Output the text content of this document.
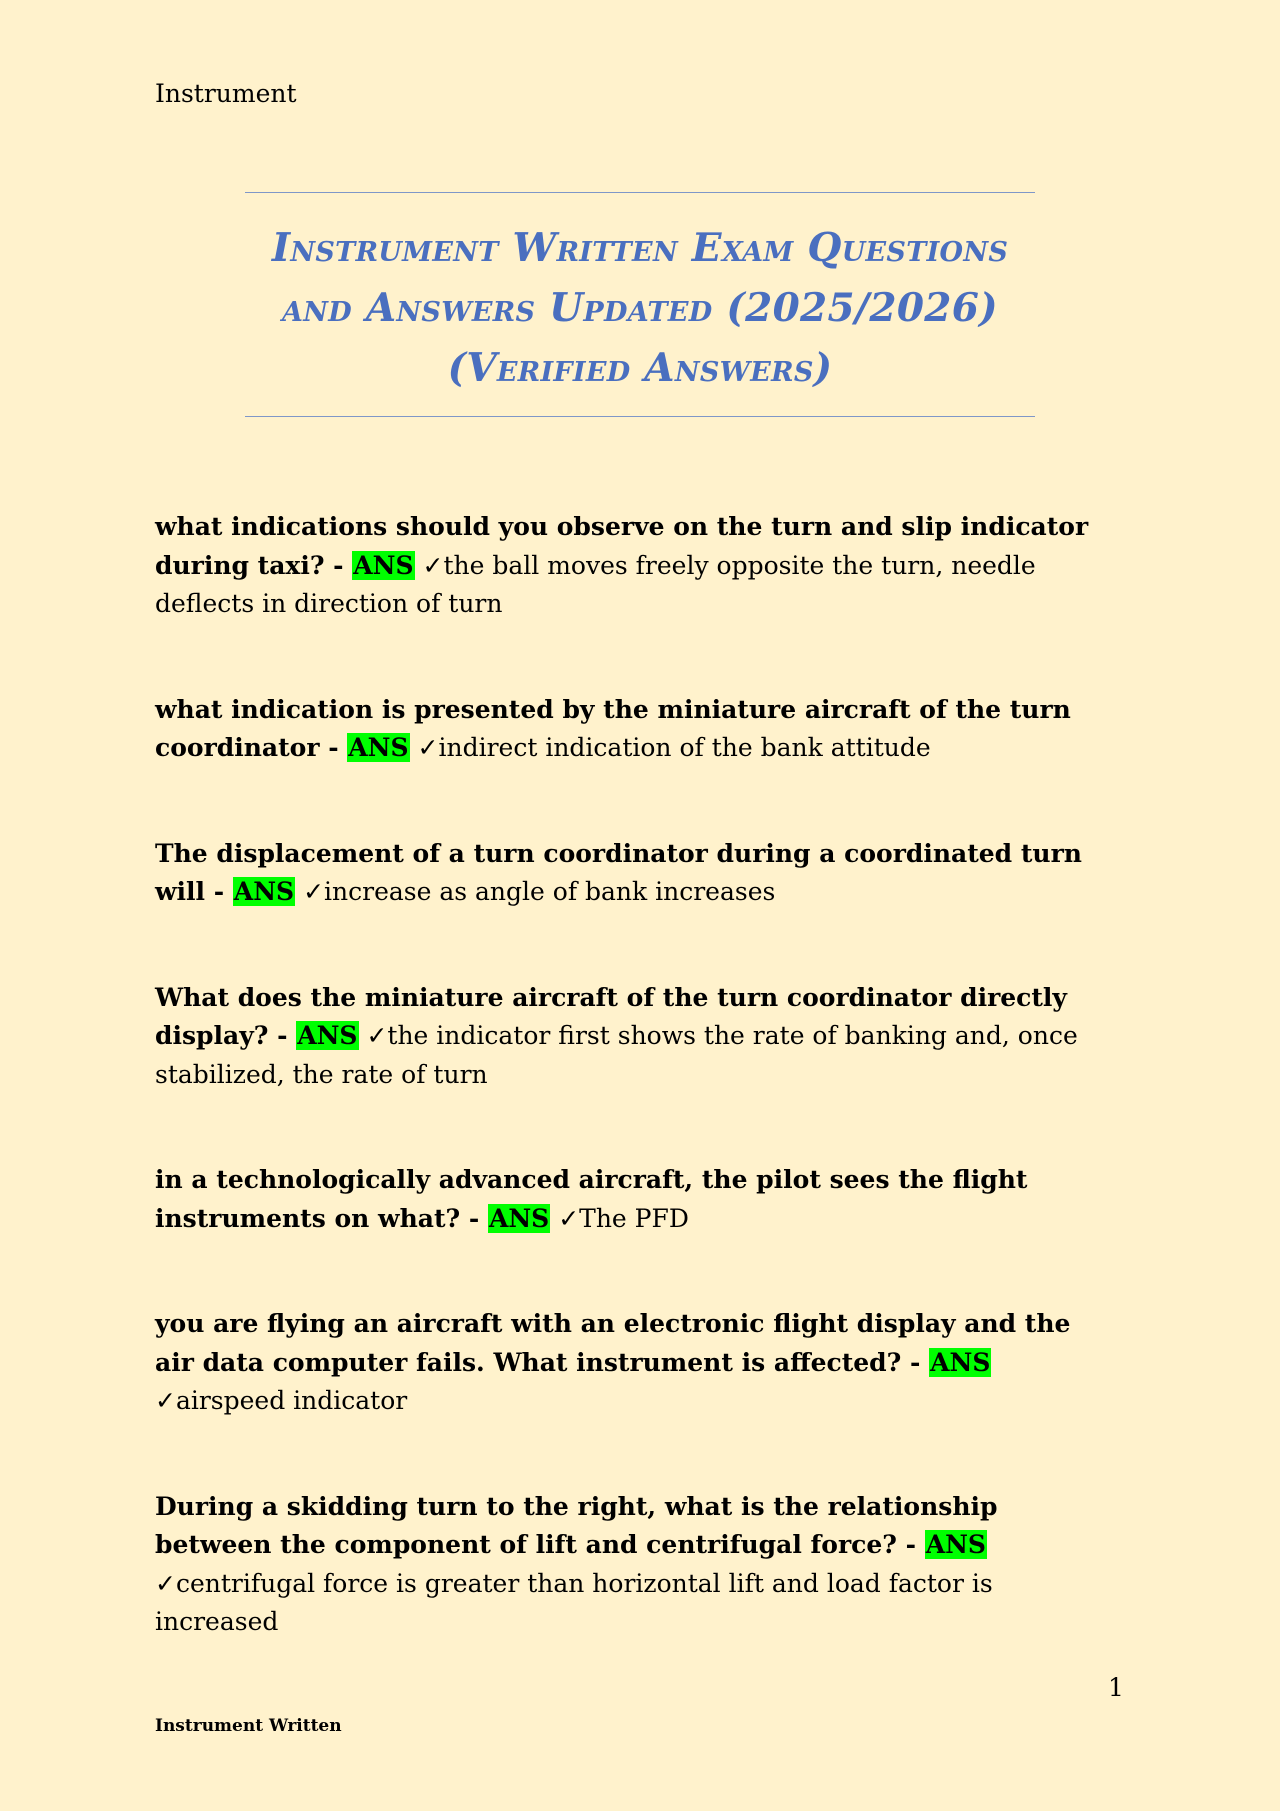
Instrument
Instrument Written Exam Questions
and Answers Updated (2025/2026)
(Verified Answers)

what indications should you observe on the turn and slip indicator during taxi? - ANS ✓the ball moves freely opposite the turn, needle deflects in direction of turn

what indication is presented by the miniature aircraft of the turn coordinator - ANS ✓indirect indication of the bank attitude

The displacement of a turn coordinator during a coordinated turn will - ANS ✓increase as angle of bank increases

What does the miniature aircraft of the turn coordinator directly display? - ANS ✓the indicator first shows the rate of banking and, once stabilized, the rate of turn

in a technologically advanced aircraft, the pilot sees the flight instruments on what? - ANS ✓The PFD

you are flying an aircraft with an electronic flight display and the air data computer fails. What instrument is affected? - ANS ✓airspeed indicator

During a skidding turn to the right, what is the relationship between the component of lift and centrifugal force? - ANS ✓centrifugal force is greater than horizontal lift and load factor is increased

1
Instrument Written
